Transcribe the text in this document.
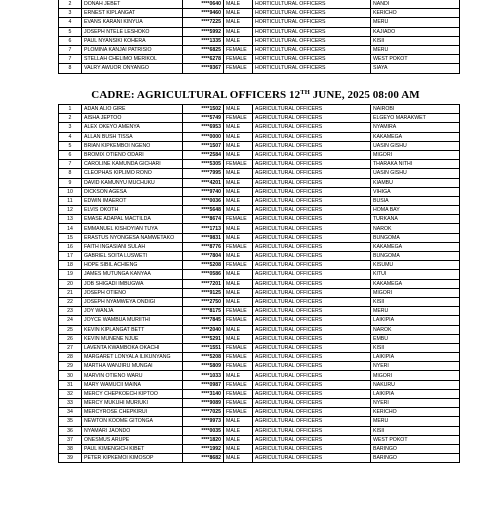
2	DONAH JEBET	****0640	MALE	HORTICULTURAL OFFICERS	NANDI
3	ERNEST KIPLANGAT	****9460	MALE	HORTICULTURAL OFFICERS	KERICHO
4	EVANS KARANI KINYUA	****7225	MALE	HORTICULTURAL OFFICERS	MERU
5	JOSEPH NTELE LESHOKO	****5992	MALE	HORTICULTURAL OFFICERS	KAJIADO
6	PAUL NYANSIKI KOHERA	****1335	MALE	HORTICULTURAL OFFICERS	KISII
7	PLOMINA KANJAI PATRISIO	****6825	FEMALE	HORTICULTURAL OFFICERS	MERU
7	STELLAH CHELIMO MERIKOL	****6278	FEMALE	HORTICULTURAL OFFICERS	WEST POKOT
8	VALRY AWUOR ONYANGO	****9367	FEMALE	HORTICULTURAL OFFICERS	SIAYA
CADRE: AGRICULTURAL OFFICERS 12TH JUNE, 2025 08:00 AM
1	ADAN ALIO GIRE	****1502	MALE	AGRICULTURAL OFFICERS	NAIROBI
2	AISHA JEPTOO	****5749	FEMALE	AGRICULTURAL OFFICERS	ELGEYO MARAKWET
3	ALEX OKEYO AMENYA	****6953	MALE	AGRICULTURAL OFFICERS	NYAMIRA
4	ALLAN BUSH TISSA	****0000	MALE	AGRICULTURAL OFFICERS	KAKAMEGA
5	BRIAN KIPKEMBOI NGENO	****1507	MALE	AGRICULTURAL OFFICERS	UASIN GISHU
6	BROMIX OTIENO ODARI	****2584	MALE	AGRICULTURAL OFFICERS	MIGORI
7	CAROLINE KAMUNDA GICHARI	****5305	FEMALE	AGRICULTURAL OFFICERS	THARAKA NITHI
8	CLEOPHAS KIPLIMO RONO	****7995	MALE	AGRICULTURAL OFFICERS	UASIN GISHU
9	DAVID KAMUNYU MUCHUKU	****4201	MALE	AGRICULTURAL OFFICERS	KIAMBU
10	DICKSON AGESA	****9740	MALE	AGRICULTURAL OFFICERS	VIHIGA
11	EDWIN IMAEROT	****0036	MALE	AGRICULTURAL OFFICERS	BUSIA
12	ELVIS OKOTH	****5648	MALE	AGRICULTURAL OFFICERS	HOMA BAY
13	EMASE ADAPAL MACTILDA	****8674	FEMALE	AGRICULTURAL OFFICERS	TURKANA
14	EMMANUEL KISHOYIAN TUYA	****1713	MALE	AGRICULTURAL OFFICERS	NAROK
15	ERASTUS NYONGESA NAMWETAKO	****9831	MALE	AGRICULTURAL OFFICERS	BUNGOMA
16	FAITH INGASIANI SULAH	****8776	FEMALE	AGRICULTURAL OFFICERS	KAKAMEGA
17	GABRIEL SOITA LUSWETI	****7804	MALE	AGRICULTURAL OFFICERS	BUNGOMA
18	HOPE SIBIL ACHIENG	****5208	FEMALE	AGRICULTURAL OFFICERS	KISUMU
19	JAMES MUTUNGA KANYAA	****0586	MALE	AGRICULTURAL OFFICERS	KITUI
20	JOB SHIGADI IMBUGWA	****7201	MALE	AGRICULTURAL OFFICERS	KAKAMEGA
21	JOSEPH OTIENO	****9125	MALE	AGRICULTURAL OFFICERS	MIGORI
22	JOSEPH NYAMWEYA ONDIGI	****2750	MALE	AGRICULTURAL OFFICERS	KISII
23	JOY WANJA	****8175	FEMALE	AGRICULTURAL OFFICERS	MERU
24	JOYCE WAMBUA MURIITHI	****7845	FEMALE	AGRICULTURAL OFFICERS	LAIKIPIA
25	KEVIN KIPLANGAT BETT	****2040	MALE	AGRICULTURAL OFFICERS	NAROK
26	KEVIN MUNENE NJUE	****5291	MALE	AGRICULTURAL OFFICERS	EMBU
27	LAVENTA KWAMBOKA OKACHI	****1551	FEMALE	AGRICULTURAL OFFICERS	KISII
28	MARGARET LONYALA ILIKUNYANG	****5208	FEMALE	AGRICULTURAL OFFICERS	LAIKIPIA
29	MARTHA WANJIRU MUNGAI	****5809	FEMALE	AGRICULTURAL OFFICERS	NYERI
30	MARVIN OTIENO WARU	****1033	MALE	AGRICULTURAL OFFICERS	MIGORI
31	MARY WAMUCII MAINA	****0987	FEMALE	AGRICULTURAL OFFICERS	NAKURU
32	MERCY CHEPKOECH KIPTOO	****3140	FEMALE	AGRICULTURAL OFFICERS	LAIKIPIA
33	MERCY MUKUHI MURIUKI	****9089	FEMALE	AGRICULTURAL OFFICERS	NYERI
34	MERCYROSE CHEPKIRUI	****7025	FEMALE	AGRICULTURAL OFFICERS	KERICHO
35	NEWTON KOOME GITONGA	****9973	MALE	AGRICULTURAL OFFICERS	MERU
36	NYAMARI JAONDO	****0035	MALE	AGRICULTURAL OFFICERS	KISII
37	ONESMUS ARUPE	****1820	MALE	AGRICULTURAL OFFICERS	WEST POKOT
38	PAUL KIMENGICH KIBET	****1992	MALE	AGRICULTURAL OFFICERS	BARINGO
39	PETER KIPKEMOI KIMOSOP	****8682	MALE	AGRICULTURAL OFFICERS	BARINGO
